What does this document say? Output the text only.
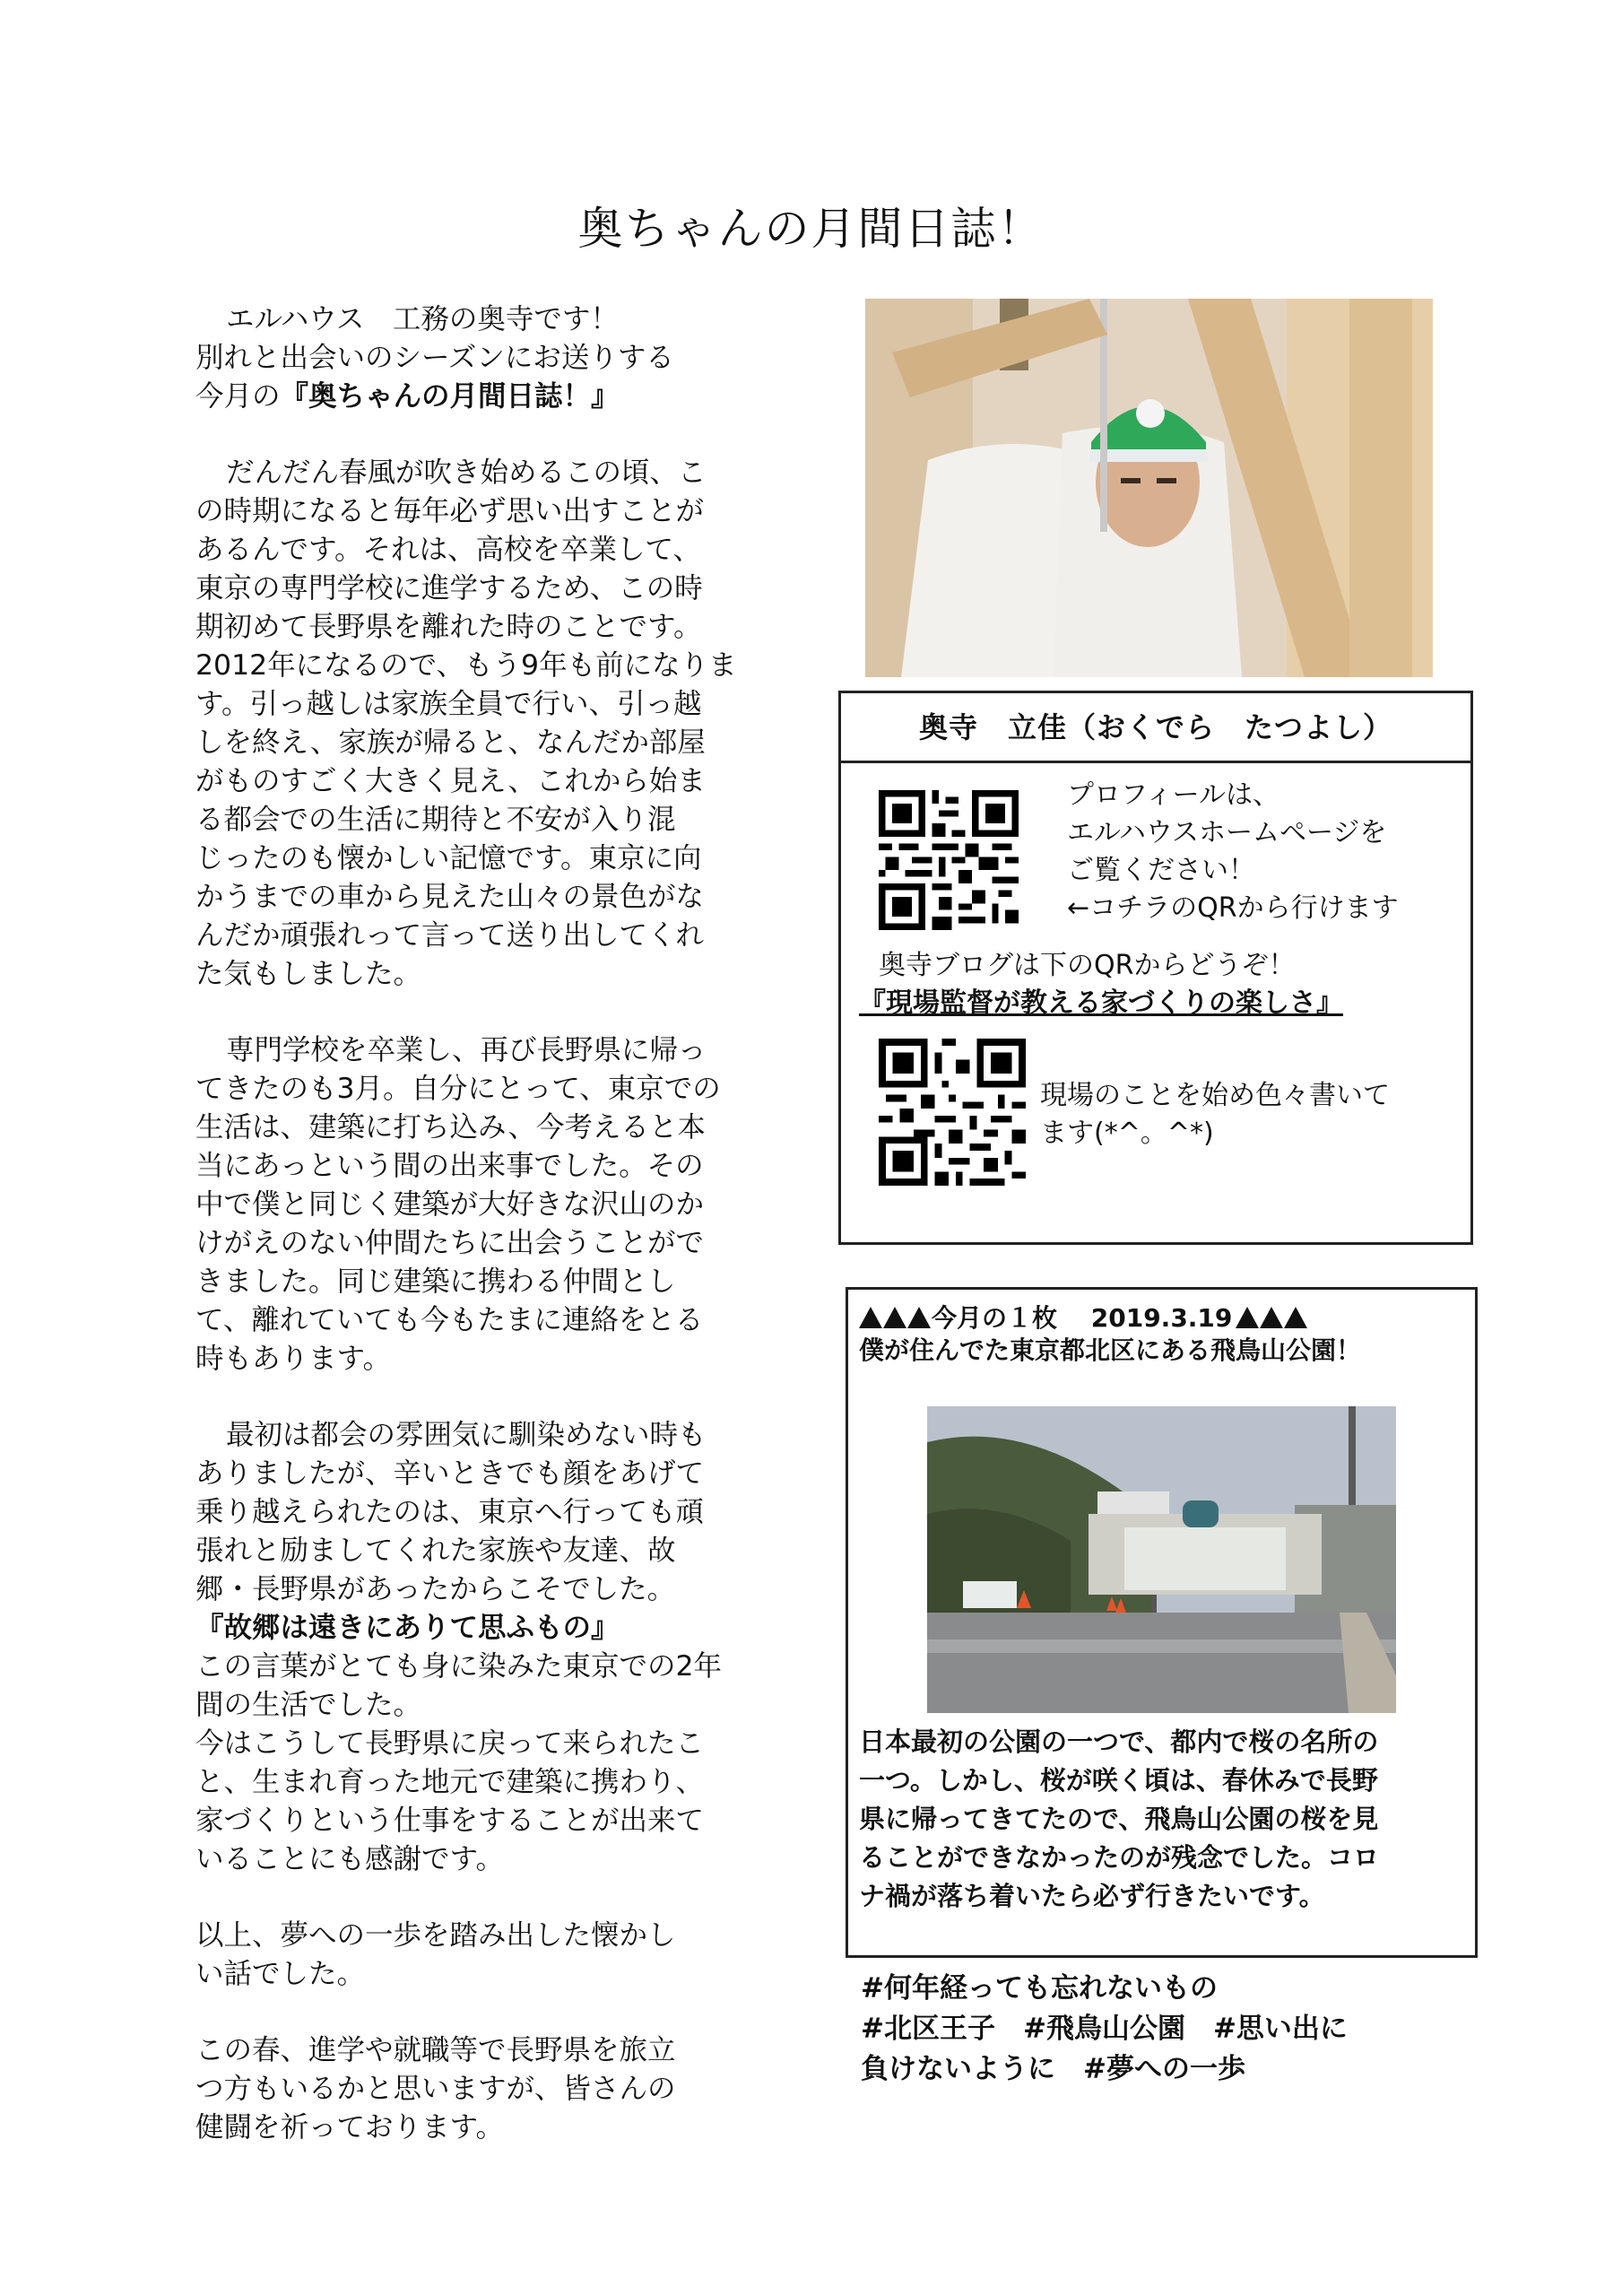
奥ちゃんの月間日誌！

エルハウス　工務の奥寺です！

別れと出会いのシーズンにお送りする

今月の『奥ちゃんの月間日誌！』

だんだん春風が吹き始めるこの頃、こ

の時期になると毎年必ず思い出すことが

あるんです。それは、高校を卒業して、

東京の専門学校に進学するため、この時

期初めて長野県を離れた時のことです。

2012年になるので、もう9年も前になりま

す。引っ越しは家族全員で行い、引っ越

しを終え、家族が帰ると、なんだか部屋

がものすごく大きく見え、これから始ま

る都会での生活に期待と不安が入り混

じったのも懐かしい記憶です。東京に向

かうまでの車から見えた山々の景色がな

んだか頑張れって言って送り出してくれ

た気もしました。

専門学校を卒業し、再び長野県に帰っ

てきたのも3月。自分にとって、東京での

生活は、建築に打ち込み、今考えると本

当にあっという間の出来事でした。その

中で僕と同じく建築が大好きな沢山のか

けがえのない仲間たちに出会うことがで

きました。同じ建築に携わる仲間とし

て、離れていても今もたまに連絡をとる

時もあります。

最初は都会の雰囲気に馴染めない時も

ありましたが、辛いときでも顔をあげて

乗り越えられたのは、東京へ行っても頑

張れと励ましてくれた家族や友達、故

郷・長野県があったからこそでした。

『故郷は遠きにありて思ふもの』

この言葉がとても身に染みた東京での2年

間の生活でした。

今はこうして長野県に戻って来られたこ

と、生まれ育った地元で建築に携わり、

家づくりという仕事をすることが出来て

いることにも感謝です。

以上、夢への一歩を踏み出した懐かし

い話でした。

この春、進学や就職等で長野県を旅立

つ方もいるかと思いますが、皆さんの

健闘を祈っております。

奥寺　立佳（おくでら　たつよし）
プロフィールは、
エルハウスホームページを
ご覧ください！
←コチラのQRから行けます
奥寺ブログは下のQRからどうぞ！
『現場監督が教える家づくりの楽しさ』
現場のことを始め色々書いて
ます(*^。^*)
今月の１枚　 2019.3.19
僕が住んでた東京都北区にある飛鳥山公園！
日本最初の公園の一つで、都内で桜の名所の
一つ。しかし、桜が咲く頃は、春休みで長野
県に帰ってきてたので、飛鳥山公園の桜を見
ることができなかったのが残念でした。コロ
ナ禍が落ち着いたら必ず行きたいです。
#何年経っても忘れないもの
#北区王子　#飛鳥山公園　#思い出に
負けないように　#夢への一歩
